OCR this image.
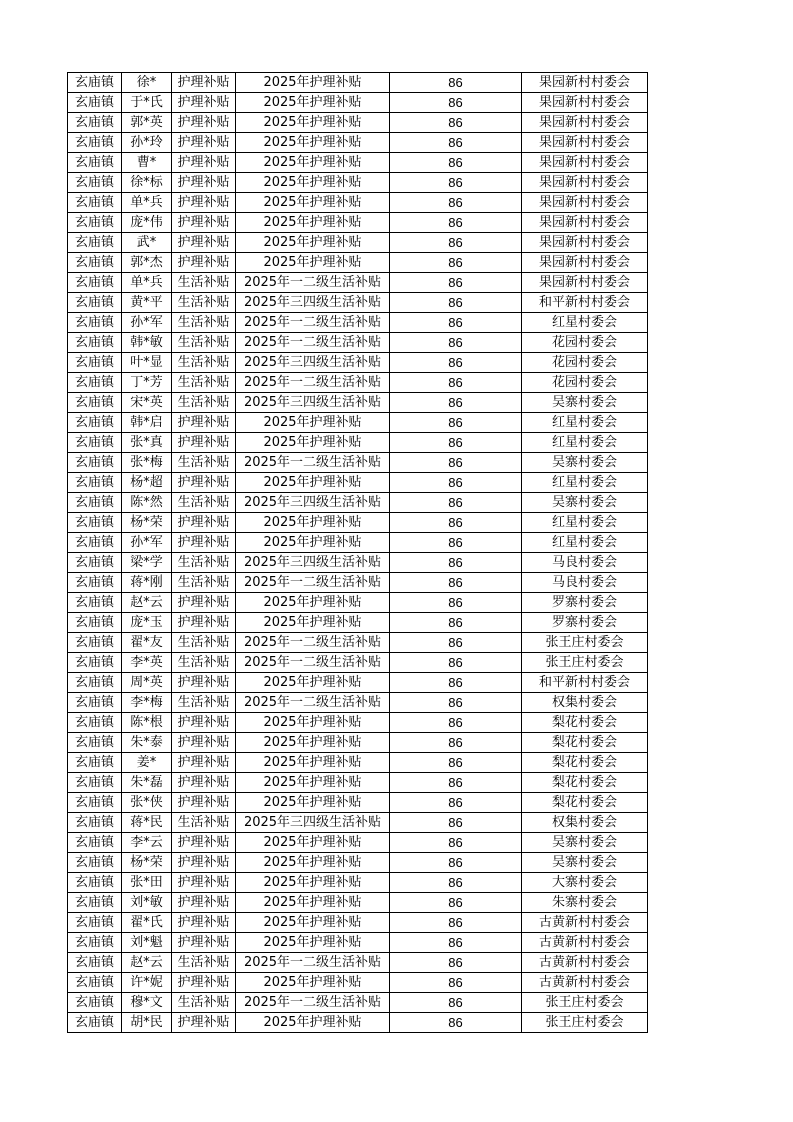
玄庙镇	徐*	护理补贴	2025年护理补贴	86	果园新村村委会
玄庙镇	于*氏	护理补贴	2025年护理补贴	86	果园新村村委会
玄庙镇	郭*英	护理补贴	2025年护理补贴	86	果园新村村委会
玄庙镇	孙*玲	护理补贴	2025年护理补贴	86	果园新村村委会
玄庙镇	曹*	护理补贴	2025年护理补贴	86	果园新村村委会
玄庙镇	徐*标	护理补贴	2025年护理补贴	86	果园新村村委会
玄庙镇	单*兵	护理补贴	2025年护理补贴	86	果园新村村委会
玄庙镇	庞*伟	护理补贴	2025年护理补贴	86	果园新村村委会
玄庙镇	武*	护理补贴	2025年护理补贴	86	果园新村村委会
玄庙镇	郭*杰	护理补贴	2025年护理补贴	86	果园新村村委会
玄庙镇	单*兵	生活补贴	2025年一二级生活补贴	86	果园新村村委会
玄庙镇	黄*平	生活补贴	2025年三四级生活补贴	86	和平新村村委会
玄庙镇	孙*军	生活补贴	2025年一二级生活补贴	86	红星村委会
玄庙镇	韩*敏	生活补贴	2025年一二级生活补贴	86	花园村委会
玄庙镇	叶*显	生活补贴	2025年三四级生活补贴	86	花园村委会
玄庙镇	丁*芳	生活补贴	2025年一二级生活补贴	86	花园村委会
玄庙镇	宋*英	生活补贴	2025年三四级生活补贴	86	吴寨村委会
玄庙镇	韩*启	护理补贴	2025年护理补贴	86	红星村委会
玄庙镇	张*真	护理补贴	2025年护理补贴	86	红星村委会
玄庙镇	张*梅	生活补贴	2025年一二级生活补贴	86	吴寨村委会
玄庙镇	杨*超	护理补贴	2025年护理补贴	86	红星村委会
玄庙镇	陈*然	生活补贴	2025年三四级生活补贴	86	吴寨村委会
玄庙镇	杨*荣	护理补贴	2025年护理补贴	86	红星村委会
玄庙镇	孙*军	护理补贴	2025年护理补贴	86	红星村委会
玄庙镇	梁*学	生活补贴	2025年三四级生活补贴	86	马良村委会
玄庙镇	蒋*刚	生活补贴	2025年一二级生活补贴	86	马良村委会
玄庙镇	赵*云	护理补贴	2025年护理补贴	86	罗寨村委会
玄庙镇	庞*玉	护理补贴	2025年护理补贴	86	罗寨村委会
玄庙镇	翟*友	生活补贴	2025年一二级生活补贴	86	张王庄村委会
玄庙镇	李*英	生活补贴	2025年一二级生活补贴	86	张王庄村委会
玄庙镇	周*英	护理补贴	2025年护理补贴	86	和平新村村委会
玄庙镇	李*梅	生活补贴	2025年一二级生活补贴	86	权集村委会
玄庙镇	陈*根	护理补贴	2025年护理补贴	86	梨花村委会
玄庙镇	朱*泰	护理补贴	2025年护理补贴	86	梨花村委会
玄庙镇	姜*	护理补贴	2025年护理补贴	86	梨花村委会
玄庙镇	朱*磊	护理补贴	2025年护理补贴	86	梨花村委会
玄庙镇	张*侠	护理补贴	2025年护理补贴	86	梨花村委会
玄庙镇	蒋*民	生活补贴	2025年三四级生活补贴	86	权集村委会
玄庙镇	李*云	护理补贴	2025年护理补贴	86	吴寨村委会
玄庙镇	杨*荣	护理补贴	2025年护理补贴	86	吴寨村委会
玄庙镇	张*田	护理补贴	2025年护理补贴	86	大寨村委会
玄庙镇	刘*敏	护理补贴	2025年护理补贴	86	朱寨村委会
玄庙镇	翟*氏	护理补贴	2025年护理补贴	86	古黄新村村委会
玄庙镇	刘*魁	护理补贴	2025年护理补贴	86	古黄新村村委会
玄庙镇	赵*云	生活补贴	2025年一二级生活补贴	86	古黄新村村委会
玄庙镇	许*妮	护理补贴	2025年护理补贴	86	古黄新村村委会
玄庙镇	穆*文	生活补贴	2025年一二级生活补贴	86	张王庄村委会
玄庙镇	胡*民	护理补贴	2025年护理补贴	86	张王庄村委会
